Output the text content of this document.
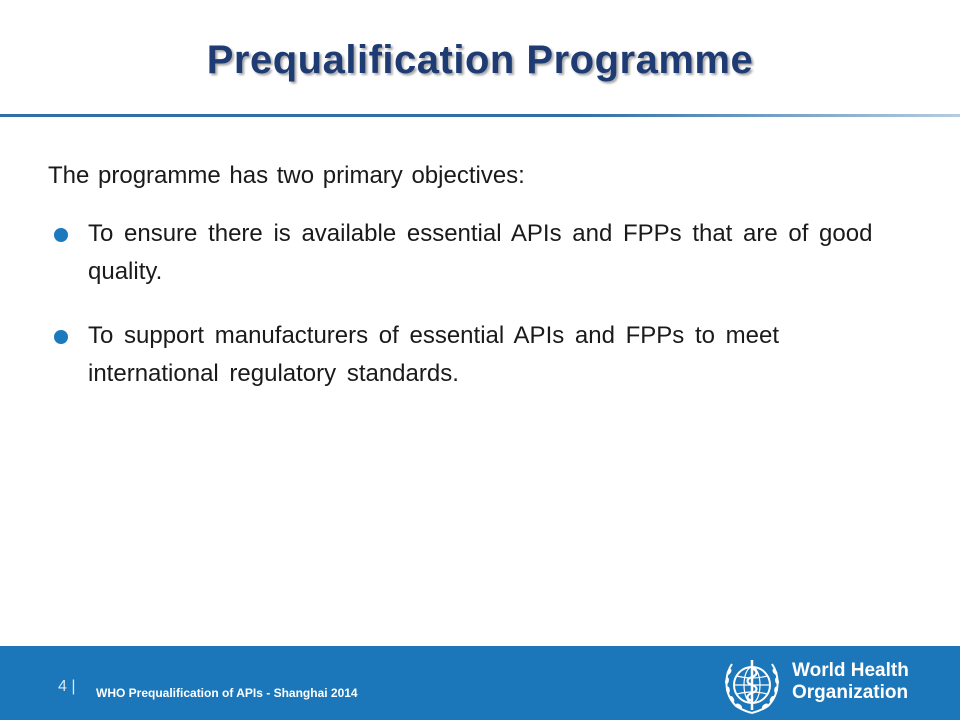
Prequalification Programme

The programme has two primary objectives:

To ensure there is available essential APIs and FPPs that are of good quality.
To support manufacturers of essential APIs and FPPs to meet international regulatory standards.
4 | WHO Prequalification of APIs - Shanghai 2014
World Health
Organization
